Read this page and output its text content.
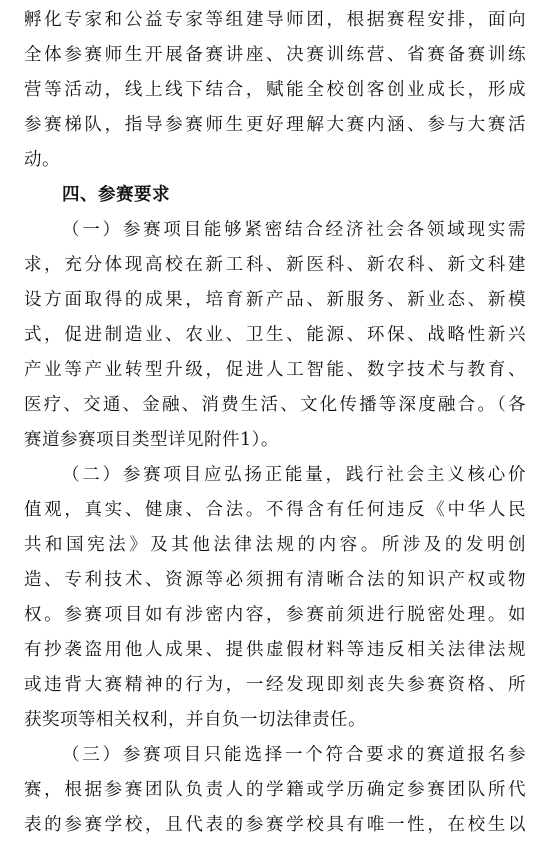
孵化专家和公益专家等组建导师团，根据赛程安排，面向
全体参赛师生开展备赛讲座、决赛训练营、省赛备赛训练
营等活动，线上线下结合，赋能全校创客创业成长，形成
参赛梯队，指导参赛师生更好理解大赛内涵、参与大赛活
动。
四、参赛要求
（一）参赛项目能够紧密结合经济社会各领域现实需
求，充分体现高校在新工科、新医科、新农科、新文科建
设方面取得的成果，培育新产品、新服务、新业态、新模
式，促进制造业、农业、卫生、能源、环保、战略性新兴
产业等产业转型升级，促进人工智能、数字技术与教育、
医疗、交通、金融、消费生活、文化传播等深度融合。（各
赛道参赛项目类型详见附件1）。
（二）参赛项目应弘扬正能量，践行社会主义核心价
值观，真实、健康、合法。不得含有任何违反《中华人民
共和国宪法》及其他法律法规的内容。所涉及的发明创
造、专利技术、资源等必须拥有清晰合法的知识产权或物
权。参赛项目如有涉密内容，参赛前须进行脱密处理。如
有抄袭盗用他人成果、提供虚假材料等违反相关法律法规
或违背大赛精神的行为，一经发现即刻丧失参赛资格、所
获奖项等相关权利，并自负一切法律责任。
（三）参赛项目只能选择一个符合要求的赛道报名参
赛，根据参赛团队负责人的学籍或学历确定参赛团队所代
表的参赛学校，且代表的参赛学校具有唯一性，在校生以
